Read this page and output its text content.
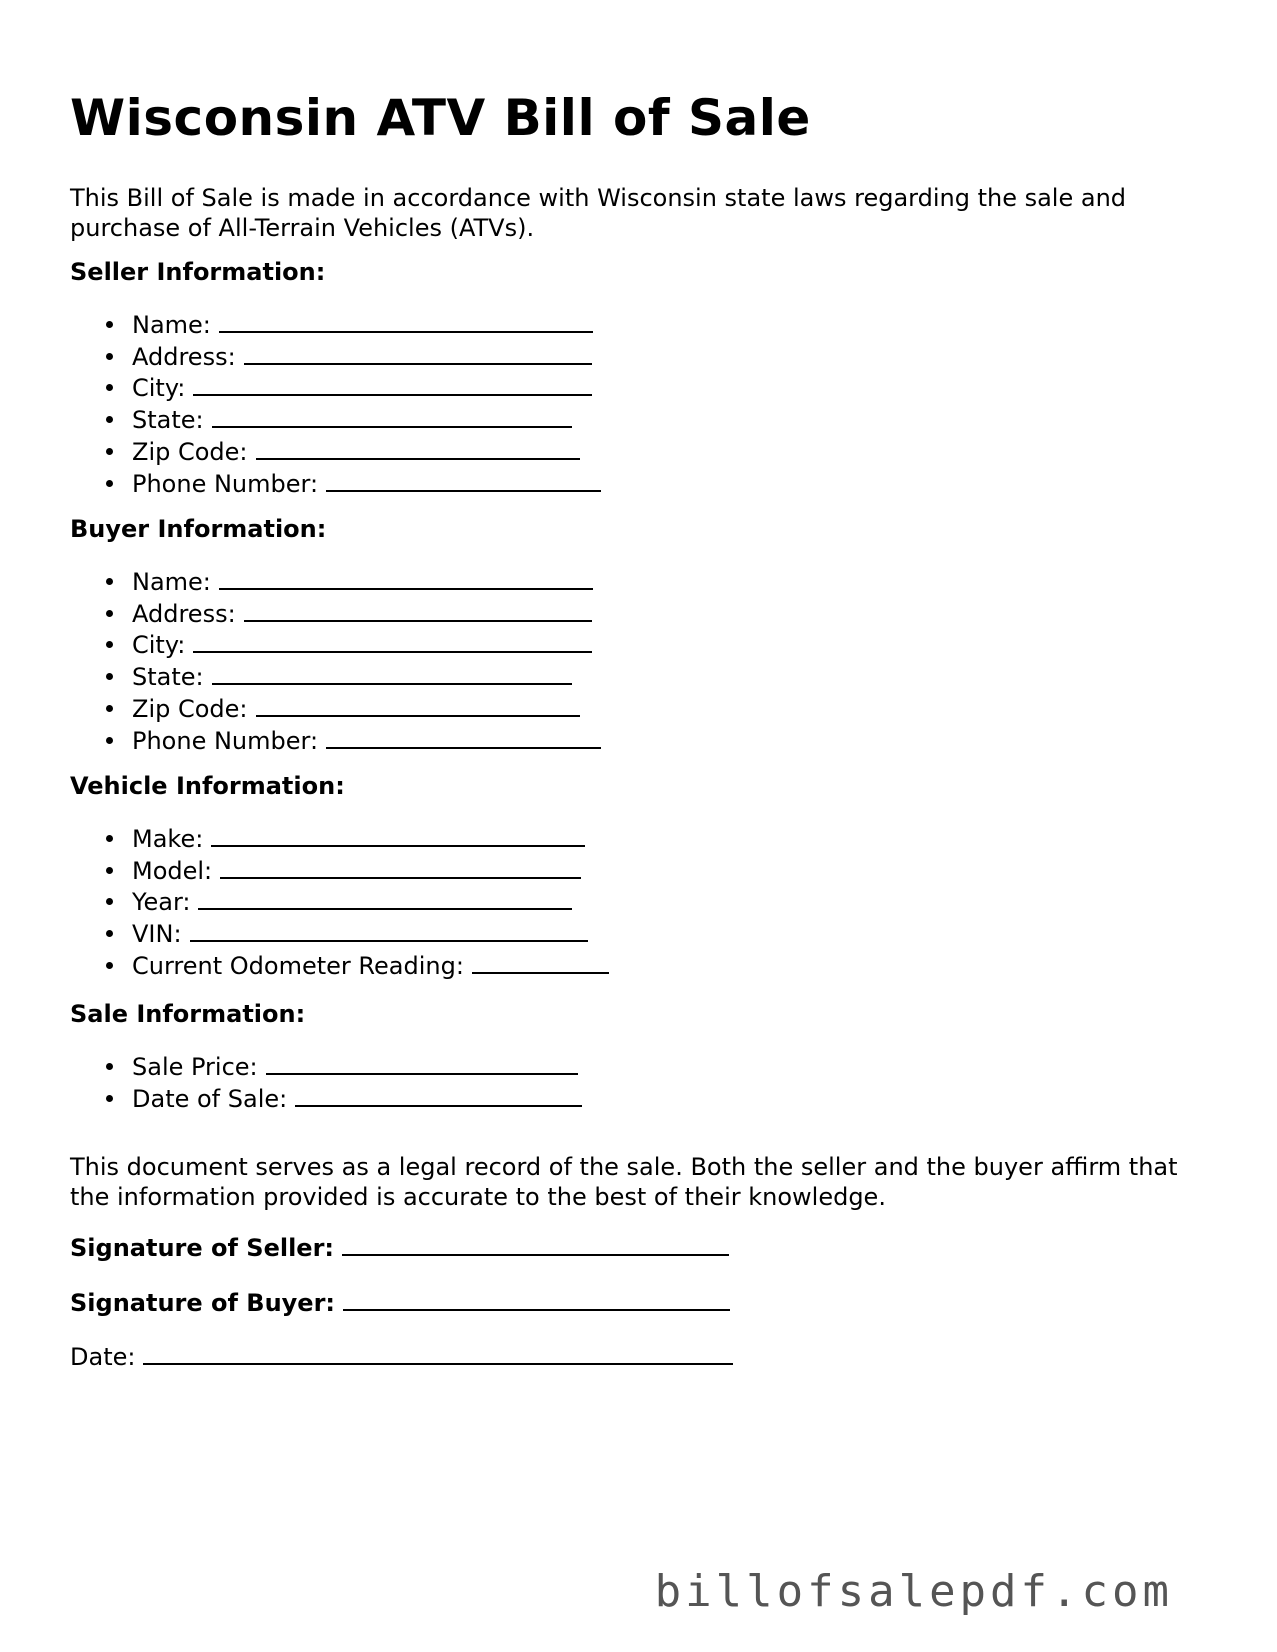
Wisconsin ATV Bill of Sale

This Bill of Sale is made in accordance with Wisconsin state laws regarding the sale and purchase of All-Terrain Vehicles (ATVs).

Seller Information:
Name:
Address:
City:
State:
Zip Code:
Phone Number:
Buyer Information:
Name:
Address:
City:
State:
Zip Code:
Phone Number:
Vehicle Information:
Make:
Model:
Year:
VIN:
Current Odometer Reading:
Sale Information:
Sale Price:
Date of Sale:

This document serves as a legal record of the sale. Both the seller and the buyer affirm that the information provided is accurate to the best of their knowledge.

Signature of Seller:
Signature of Buyer:
Date:
billofsalepdf.com
